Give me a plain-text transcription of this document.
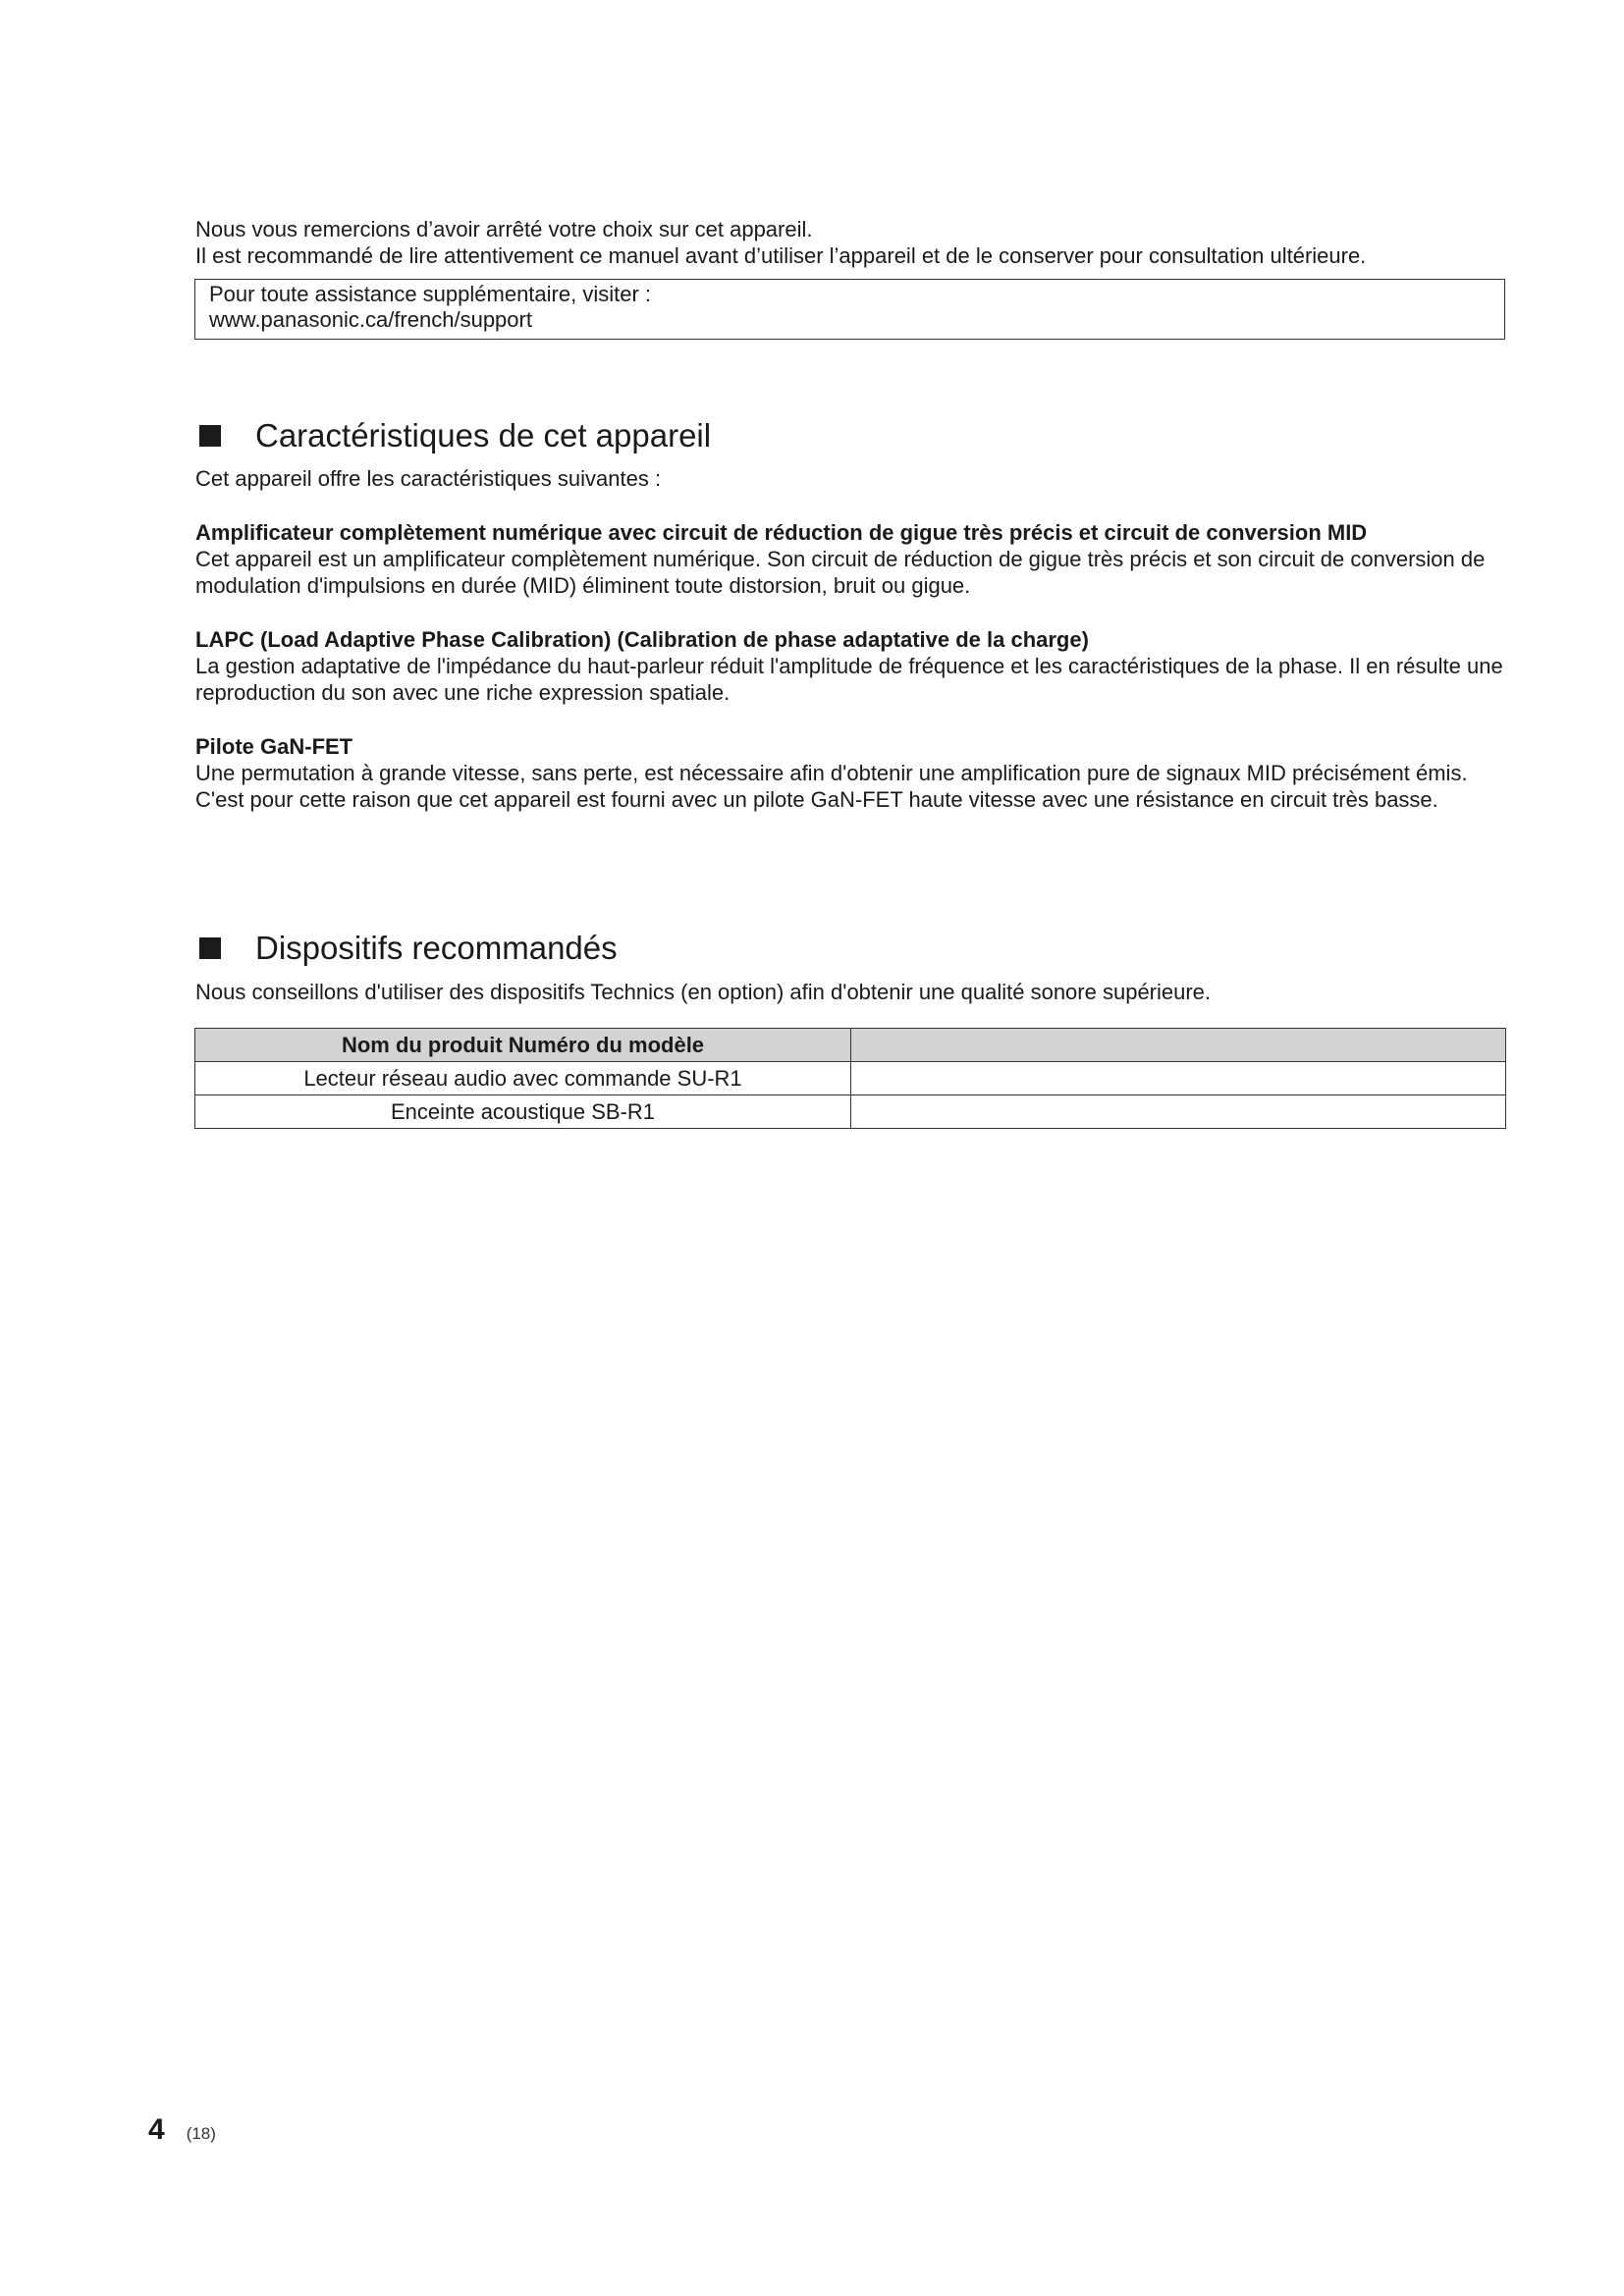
Nous vous remercions d’avoir arrêté votre choix sur cet appareil.

Il est recommandé de lire attentivement ce manuel avant d’utiliser l’appareil et de le conserver pour consultation ultérieure.

Pour toute assistance supplémentaire, visiter :
www.panasonic.ca/french/support
Caractéristiques de cet appareil

Cet appareil offre les caractéristiques suivantes :

Amplificateur complètement numérique avec circuit de réduction de gigue très précis et circuit de conversion MID

Cet appareil est un amplificateur complètement numérique. Son circuit de réduction de gigue très précis et son circuit de conversion de modulation d'impulsions en durée (MID) éliminent toute distorsion, bruit ou gigue.

LAPC (Load Adaptive Phase Calibration) (Calibration de phase adaptative de la charge)

La gestion adaptative de l'impédance du haut-parleur réduit l'amplitude de fréquence et les caractéristiques de la phase. Il en résulte une reproduction du son avec une riche expression spatiale.

Pilote GaN-FET

Une permutation à grande vitesse, sans perte, est nécessaire afin d'obtenir une amplification pure de signaux MID précisément émis. C'est pour cette raison que cet appareil est fourni avec un pilote GaN-FET haute vitesse avec une résistance en circuit très basse.

Dispositifs recommandés

Nous conseillons d'utiliser des dispositifs Technics (en option) afin d'obtenir une qualité sonore supérieure.

Nom du produit Numéro du modèle	
Lecteur réseau audio avec commande SU-R1	
Enceinte acoustique SB-R1	
4 (18)
